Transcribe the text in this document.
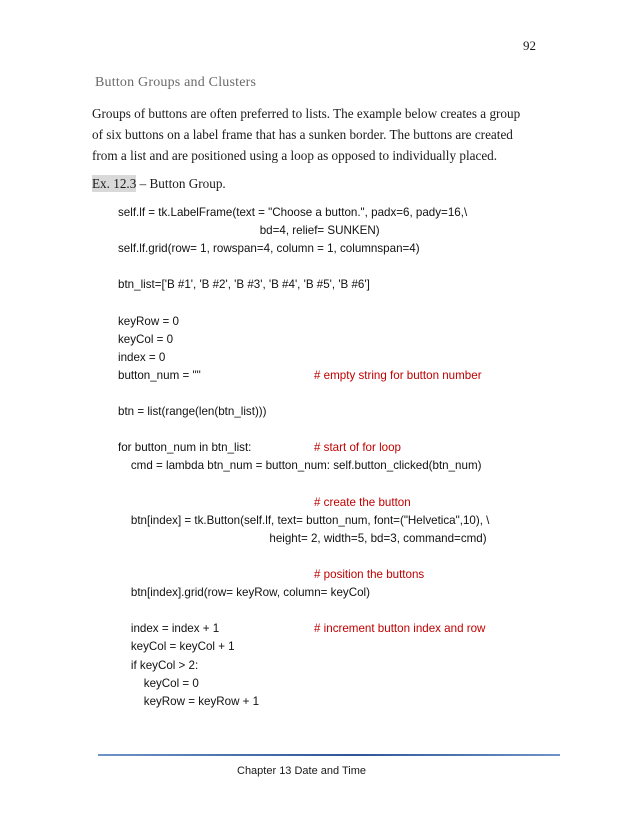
92
Button Groups and Clusters

Groups of buttons are often preferred to lists. The example below creates a group
of six buttons on a label frame that has a sunken border. The buttons are created
from a list and are positioned using a loop as opposed to individually placed.

Ex. 12.3 – Button Group.
self.lf = tk.LabelFrame(text = "Choose a button.", padx=6, pady=16,\
bd=4, relief= SUNKEN)
self.lf.grid(row= 1, rowspan=4, column = 1, columnspan=4)
btn_list=['B #1', 'B #2', 'B #3', 'B #4', 'B #5', 'B #6']
keyRow = 0
keyCol = 0
index = 0
button_num = ""	# empty string for button number
btn = list(range(len(btn_list)))
for button_num in btn_list:	# start of for loop
cmd = lambda btn_num = button_num: self.button_clicked(btn_num)
# create the button
btn[index] = tk.Button(self.lf, text= button_num, font=("Helvetica",10), \
height= 2, width=5, bd=3, command=cmd)
# position the buttons
btn[index].grid(row= keyRow, column= keyCol)
index = index + 1	# increment button index and row
keyCol = keyCol + 1
if keyCol > 2:
keyCol = 0
keyRow = keyRow + 1
Chapter 13 Date and Time
